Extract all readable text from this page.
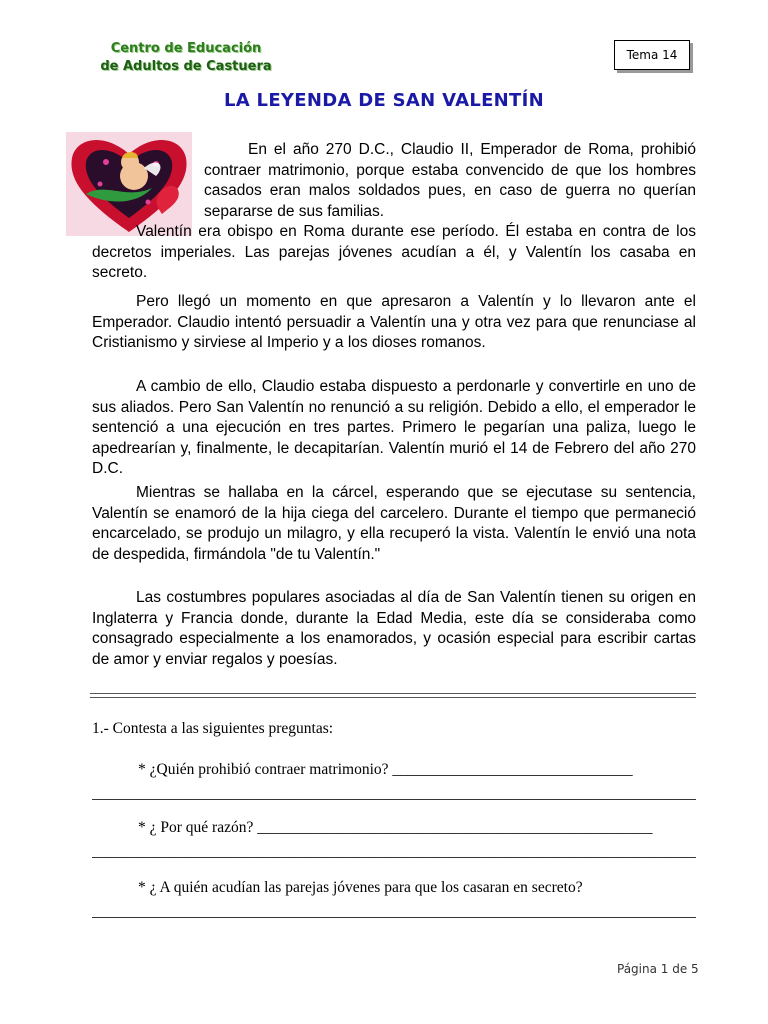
Centro de Educación
de Adultos de Castuera
Tema 14
LA LEYENDA DE SAN VALENTÍN

En el año 270 D.C., Claudio II, Emperador de Roma, prohibió contraer matrimonio, porque estaba convencido de que los hombres casados eran malos soldados pues, en caso de guerra no querían separarse de sus familias.

Valentín era obispo en Roma durante ese período. Él estaba en contra de los decretos imperiales. Las parejas jóvenes acudían a él, y Valentín los casaba en secreto.

Pero llegó un momento en que apresaron a Valentín y lo llevaron ante el Emperador. Claudio intentó persuadir a Valentín una y otra vez para que renunciase al Cristianismo y sirviese al Imperio y a los dioses romanos.

A cambio de ello, Claudio estaba dispuesto a perdonarle y convertirle en uno de sus aliados. Pero San Valentín no renunció a su religión. Debido a ello, el emperador le sentenció a una ejecución en tres partes. Primero le pegarían una paliza, luego le apedrearían y, finalmente, le decapitarían. Valentín murió el 14 de Febrero del año 270 D.C.

Mientras se hallaba en la cárcel, esperando que se ejecutase su sentencia, Valentín se enamoró de la hija ciega del carcelero. Durante el tiempo que permaneció encarcelado, se produjo un milagro, y ella recuperó la vista. Valentín le envió una nota de despedida, firmándola "de tu Valentín."

Las costumbres populares asociadas al día de San Valentín tienen su origen en Inglaterra y Francia donde, durante la Edad Media, este día se consideraba como consagrado especialmente a los enamorados, y ocasión especial para escribir cartas de amor y enviar regalos y poesías.

1.- Contesta a las siguientes preguntas:
* ¿Quién prohibió contraer matrimonio? _______________________________
______________________________________________________________________________
* ¿ Por qué razón? ___________________________________________________
______________________________________________________________________________
* ¿ A quién acudían las parejas jóvenes para que los casaran en secreto?
______________________________________________________________________________
Página 1 de 5
